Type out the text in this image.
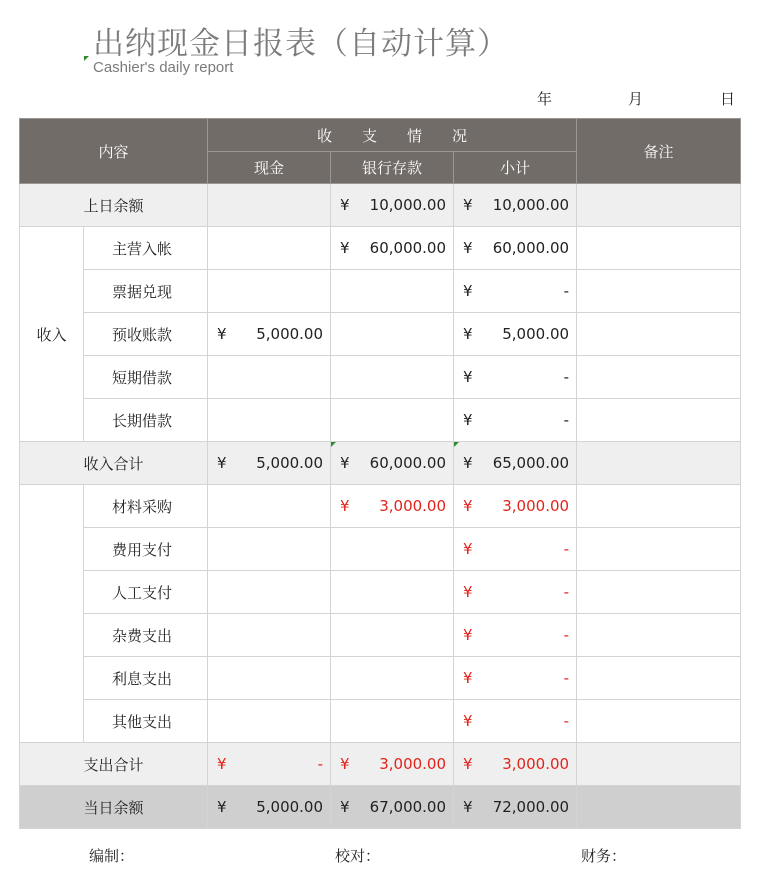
出纳现金日报表（自动计算）
Cashier's daily report
年	月	日
内容		收　　支　　情　　况			备注
		现金	银行存款	小计	
上日余额			¥ 10,000.00	¥ 10,000.00	

收入	主营入帐		¥ 60,000.00	¥ 60,000.00	

	票据兑现			¥ -	

	预收账款	¥ 5,000.00		¥ 5,000.00	

	短期借款			¥ -	

	长期借款			¥ -	

收入合计		¥ 5,000.00	¥ 60,000.00	¥ 65,000.00	

	材料采购		¥ 3,000.00	¥ 3,000.00	

	费用支付			¥ -	

	人工支付			¥ -	

	杂费支出			¥ -	

	利息支出			¥ -	

	其他支出			¥ -	

支出合计		¥ -	¥ 3,000.00	¥ 3,000.00	

当日余额		¥ 5,000.00	¥ 67,000.00	¥ 72,000.00	

编制：	校对：	财务：
